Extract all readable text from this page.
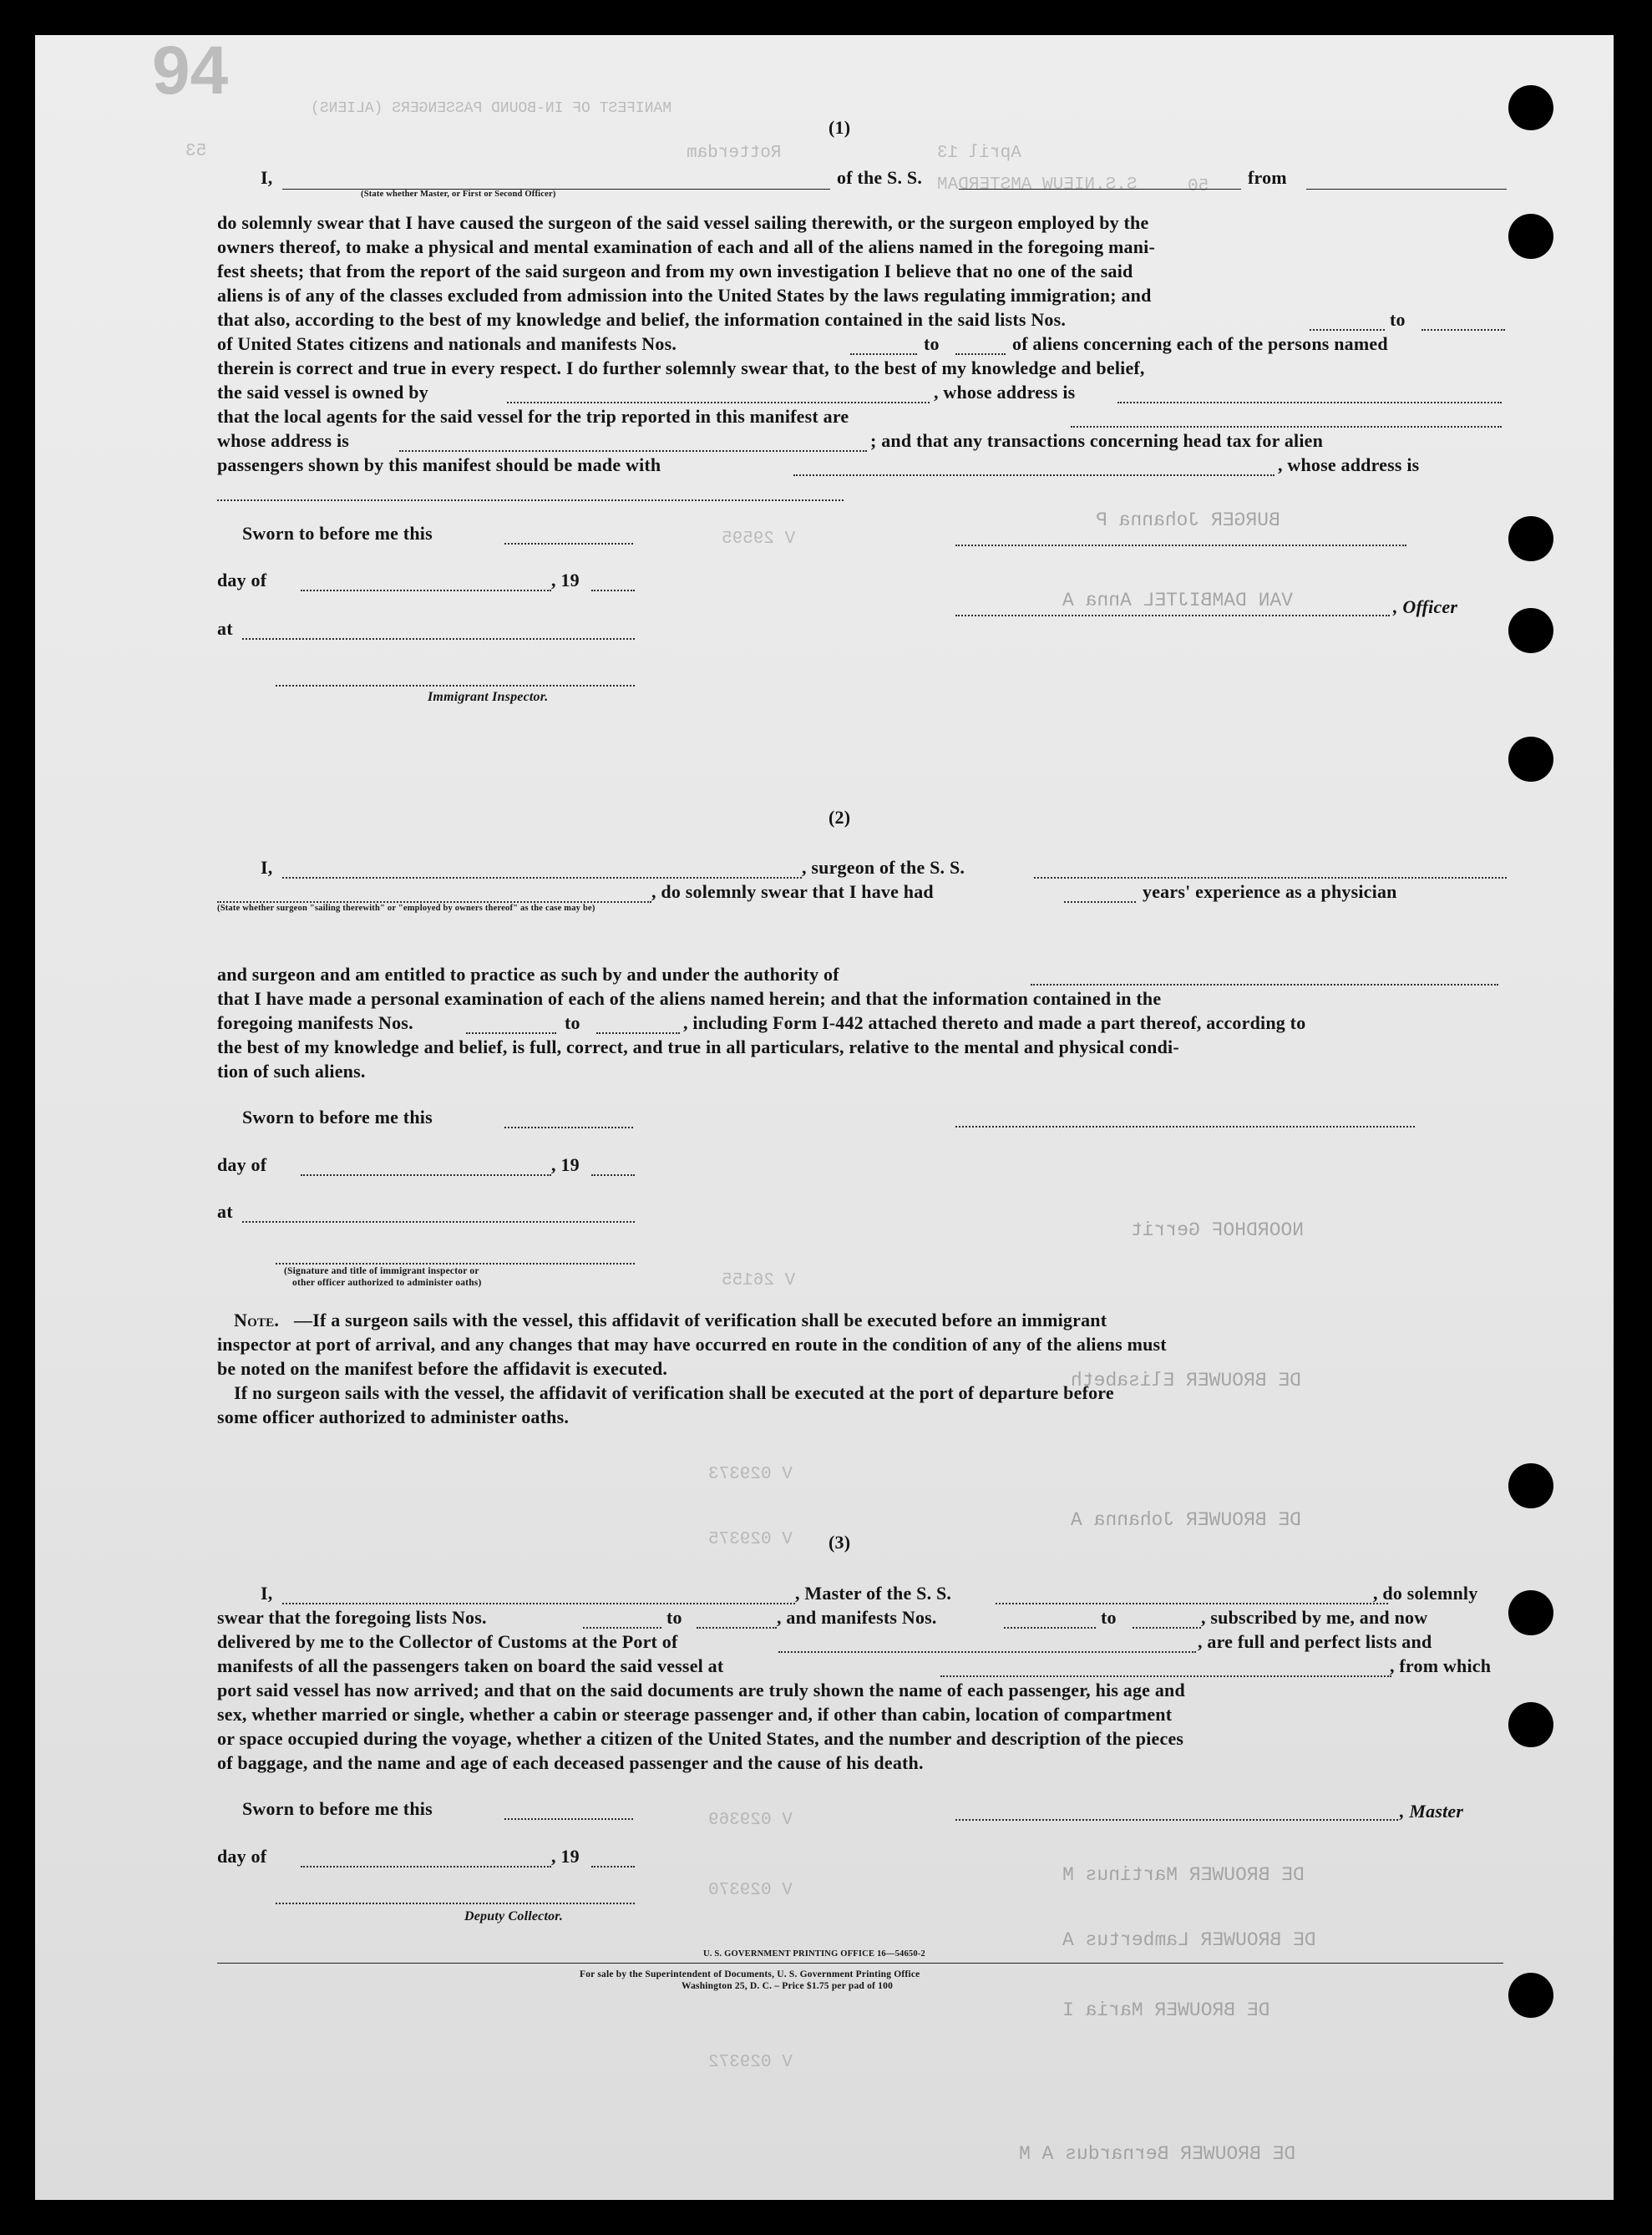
94
53
50
MANIFEST OF IN-BOUND PASSENGERS (ALIENS)
Rotterdam	April 13
S.S.NIEUW AMSTERDAM
BURGER Johanna P
VAN DAMBIJTEL Anna A
NOORDHOF Gerrit
DE BROUWER Elisabeth
DE BROUWER Johanna A
DE BROUWER Martinus M
DE BROUWER Lambertus A
DE BROUWER Maria I
DE BROUWER Bernardus A M
V 29595
V 26155
V 029373
V 029375
V 029369
V 029370
V 029372
(1)
I,
(State whether Master, or First or Second Officer)
of the S. S.	from
do solemnly swear that I have caused the surgeon of the said vessel sailing therewith, or the surgeon employed by the
owners thereof, to make a physical and mental examination of each and all of the aliens named in the foregoing mani-
fest sheets; that from the report of the said surgeon and from my own investigation I believe that no one of the said
aliens is of any of the classes excluded from admission into the United States by the laws regulating immigration; and
that also, according to the best of my knowledge and belief, the information contained in the said lists Nos.	to
of United States citizens and nationals and manifests Nos.	to	of aliens concerning each of the persons named
therein is correct and true in every respect. I do further solemnly swear that, to the best of my knowledge and belief,
the said vessel is owned by	, whose address is
that the local agents for the said vessel for the trip reported in this manifest are
whose address is	; and that any transactions concerning head tax for alien
passengers shown by this manifest should be made with	, whose address is
Sworn to before me this
day of	, 19
at
Immigrant Inspector.
, Officer
(2)
I,	, surgeon of the S. S.
, do solemnly swear that I have had	years' experience as a physician
(State whether surgeon "sailing therewith" or "employed by owners thereof" as the case may be)
and surgeon and am entitled to practice as such by and under the authority of
that I have made a personal examination of each of the aliens named herein; and that the information contained in the
foregoing manifests Nos.	to	, including Form I-442 attached thereto and made a part thereof, according to
the best of my knowledge and belief, is full, correct, and true in all particulars, relative to the mental and physical condi-
tion of such aliens.
Sworn to before me this
day of	, 19
at
(Signature and title of immigrant inspector or
other officer authorized to administer oaths)
Note. —If a surgeon sails with the vessel, this affidavit of verification shall be executed before an immigrant
inspector at port of arrival, and any changes that may have occurred en route in the condition of any of the aliens must
be noted on the manifest before the affidavit is executed.
If no surgeon sails with the vessel, the affidavit of verification shall be executed at the port of departure before
some officer authorized to administer oaths.
(3)
I,	, Master of the S. S.	, do solemnly
swear that the foregoing lists Nos.	to	, and manifests Nos.	to	, subscribed by me, and now
delivered by me to the Collector of Customs at the Port of	, are full and perfect lists and
manifests of all the passengers taken on board the said vessel at	, from which
port said vessel has now arrived; and that on the said documents are truly shown the name of each passenger, his age and
sex, whether married or single, whether a cabin or steerage passenger and, if other than cabin, location of compartment
or space occupied during the voyage, whether a citizen of the United States, and the number and description of the pieces
of baggage, and the name and age of each deceased passenger and the cause of his death.
Sworn to before me this
day of	, 19
Deputy Collector.
, Master
U. S. GOVERNMENT PRINTING OFFICE 16—54650-2
For sale by the Superintendent of Documents, U. S. Government Printing Office
Washington 25, D. C. – Price $1.75 per pad of 100
